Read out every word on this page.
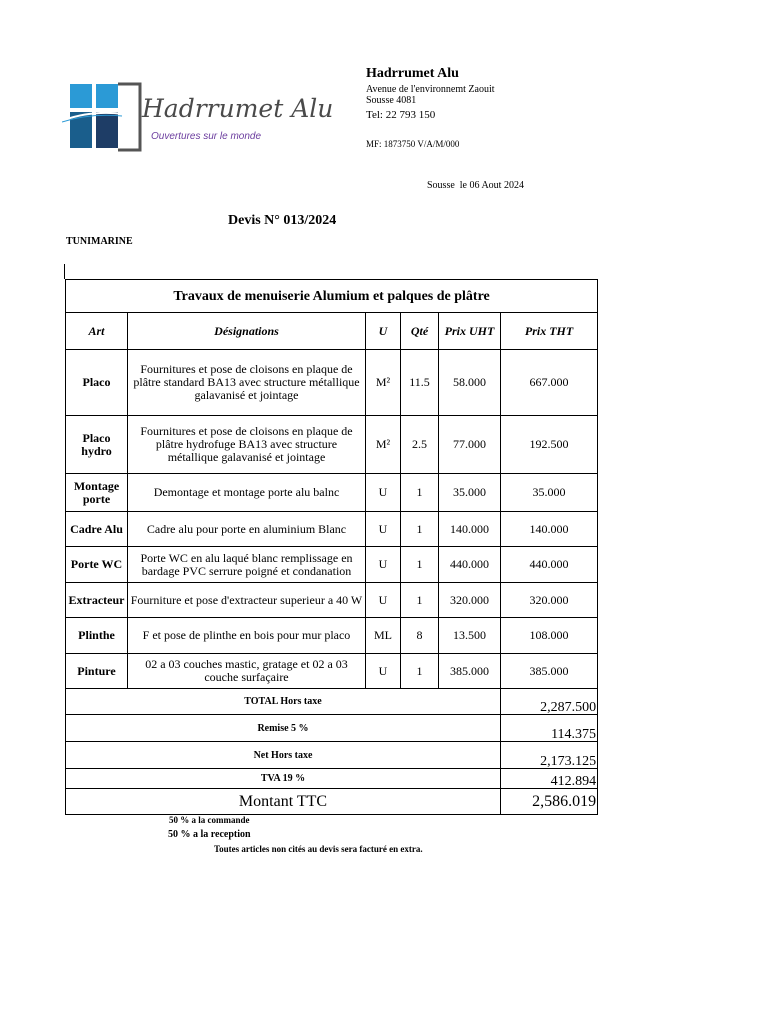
Hadrrumet Alu
Ouvertures sur le monde
Hadrrumet Alu
Avenue de l'environnemt Zaouit
Sousse 4081
Tel: 22 793 150
MF: 1873750 V/A/M/000
Sousse  le 06 Aout 2024
Devis N° 013/2024
TUNIMARINE
Travaux de menuiserie Alumium et palques de plâtre					
Art	Désignations	U	Qté	Prix UHT	Prix THT
Placo	Fournitures et pose de cloisons en plaque de plâtre standard BA13 avec structure métallique galavanisé et jointage	M²	11.5	58.000	667.000
Placo hydro	Fournitures et pose de cloisons en plaque de plâtre hydrofuge BA13 avec structure métallique galavanisé et jointage	M²	2.5	77.000	192.500
Montage porte	Demontage et montage porte alu balnc	U	1	35.000	35.000
Cadre Alu	Cadre alu pour porte en aluminium Blanc	U	1	140.000	140.000
Porte WC	Porte WC en alu laqué blanc remplissage en bardage PVC serrure poigné et condanation	U	1	440.000	440.000
Extracteur	Fourniture et pose d'extracteur superieur a 40 W	U	1	320.000	320.000
Plinthe	F et pose de plinthe en bois pour mur placo	ML	8	13.500	108.000
Pinture	02 a 03 couches mastic, gratage et 02 a 03 couche surfaçaire	U	1	385.000	385.000
TOTAL Hors taxe					2,287.500
Remise 5 %					114.375
Net Hors taxe					2,173.125
TVA 19 %					412.894
Montant TTC					2,586.019
50 % a la commande
50 % a la reception
Toutes articles non cités au devis sera facturé en extra.
